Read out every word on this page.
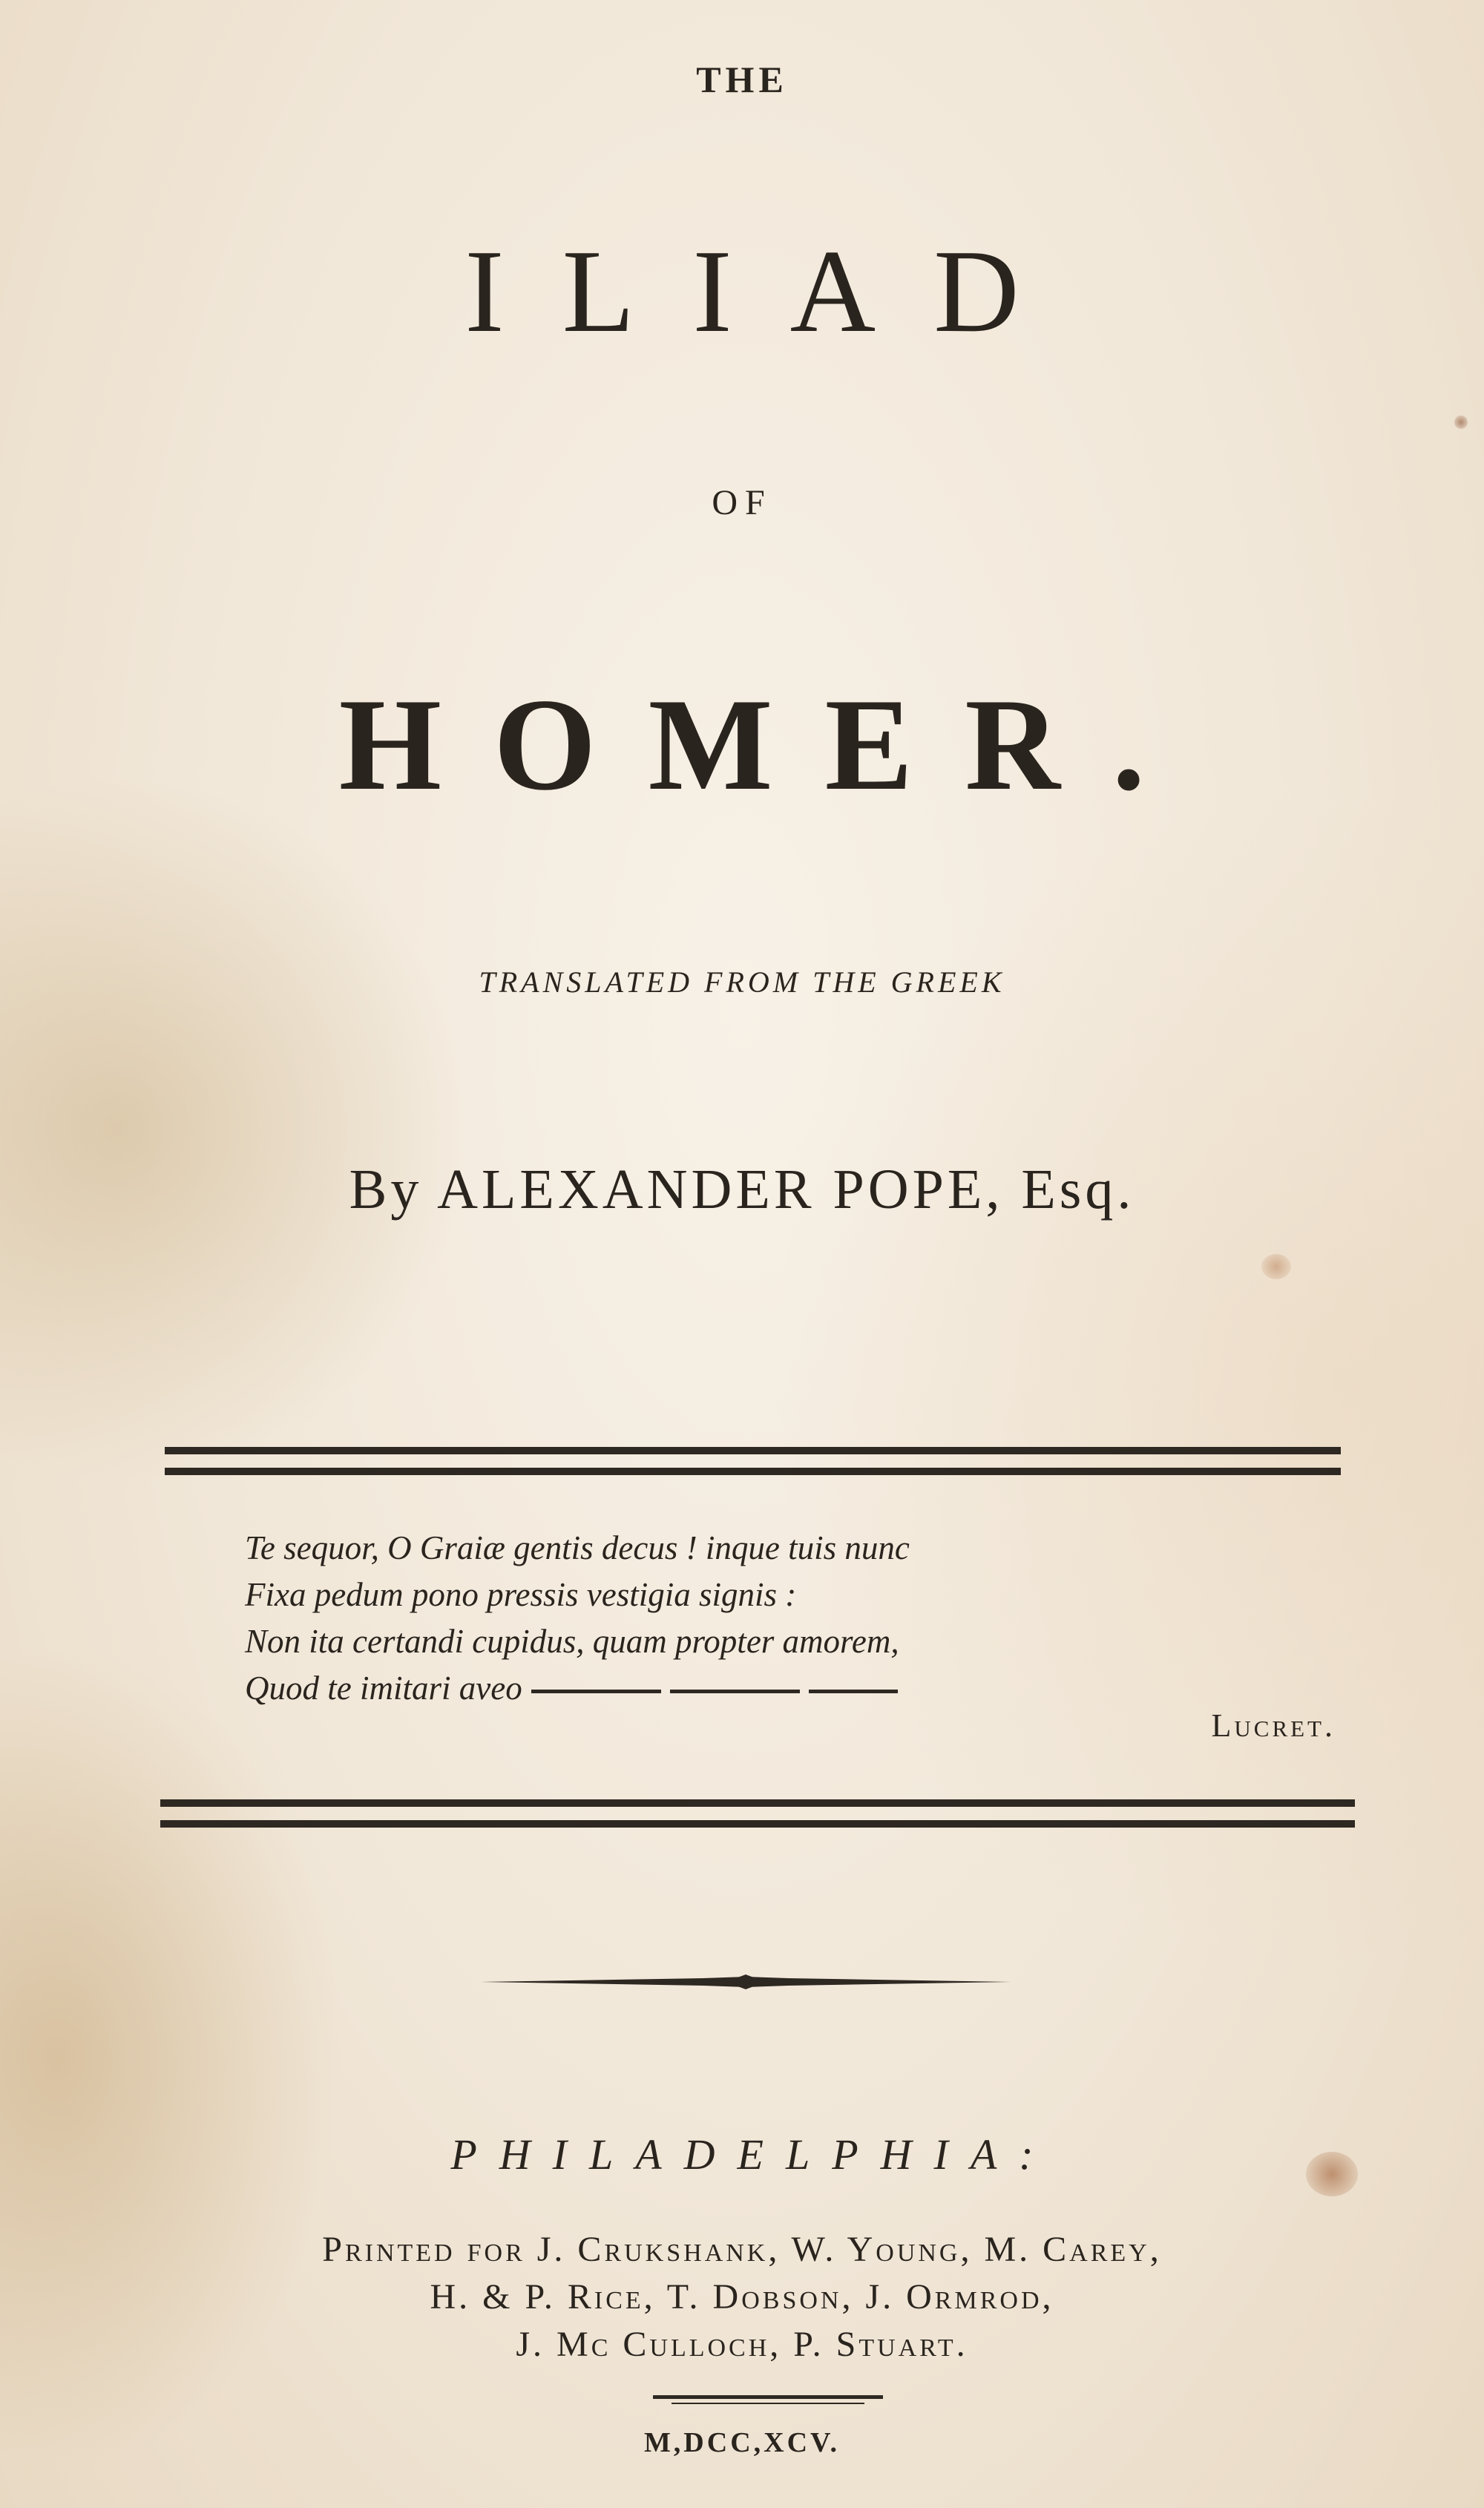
THE
ILIAD
OF
HOMER.
TRANSLATED FROM THE GREEK
By ALEXANDER POPE, Esq.
Te sequor, O Graiæ gentis decus ! inque tuis nunc
Fixa pedum pono pressis vestigia signis :
Non ita certandi cupidus, quam propter amorem,
Quod te imitari aveo
Lucret.
PHILADELPHIA:
Printed for J. Crukshank, W. Young, M. Carey,
H. & P. Rice, T. Dobson, J. Ormrod,
J. Mc Culloch, P. Stuart.
M,DCC,XCV.
